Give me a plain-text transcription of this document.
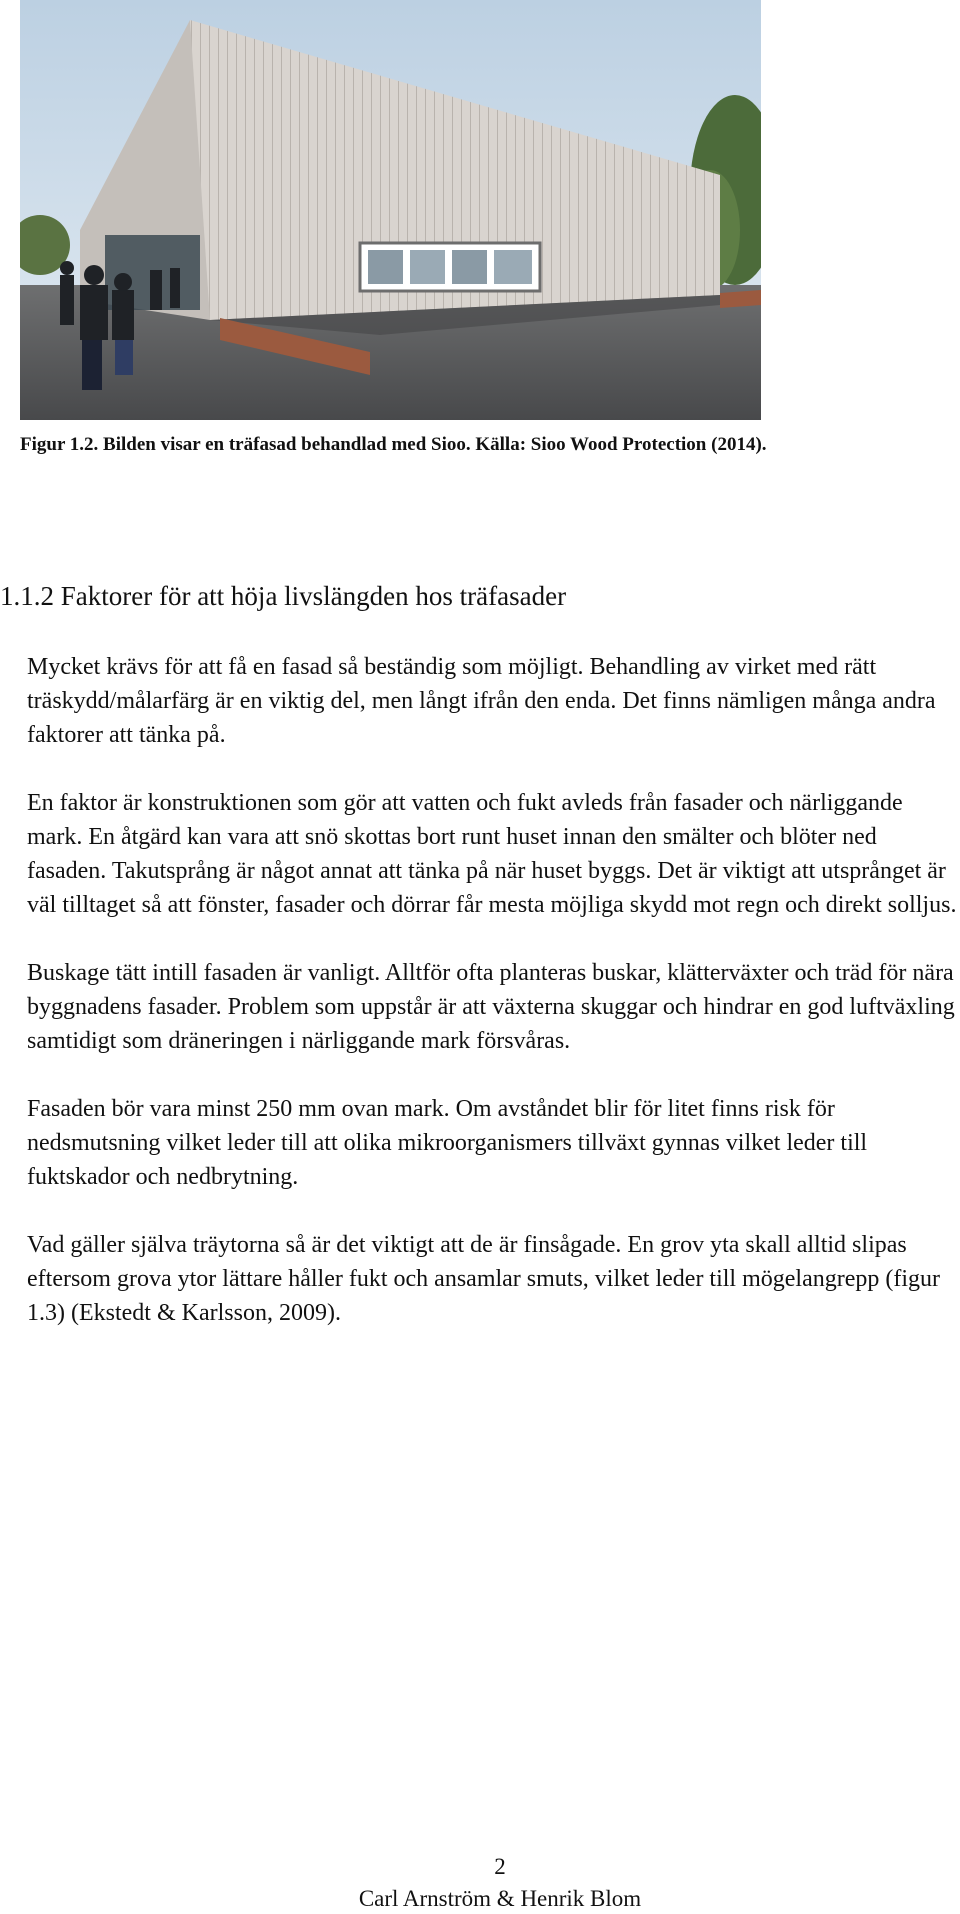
Figur 1.2. Bilden visar en träfasad behandlad med Sioo. Källa: Sioo Wood Protection (2014).
1.1.2 Faktorer för att höja livslängden hos träfasader

Mycket krävs för att få en fasad så beständig som möjligt. Behandling av virket med rätt träskydd/målarfärg är en viktig del, men långt ifrån den enda. Det finns nämligen många andra faktorer att tänka på.

En faktor är konstruktionen som gör att vatten och fukt avleds från fasader och närliggande mark. En åtgärd kan vara att snö skottas bort runt huset innan den smälter och blöter ned fasaden. Takutsprång är något annat att tänka på när huset byggs. Det är viktigt att utsprånget är väl tilltaget så att fönster, fasader och dörrar får mesta möjliga skydd mot regn och direkt solljus.

Buskage tätt intill fasaden är vanligt. Alltför ofta planteras buskar, klätterväxter och träd för nära byggnadens fasader. Problem som uppstår är att växterna skuggar och hindrar en god luftväxling samtidigt som dräneringen i närliggande mark försvåras.

Fasaden bör vara minst 250 mm ovan mark. Om avståndet blir för litet finns risk för nedsmutsning vilket leder till att olika mikroorganismers tillväxt gynnas vilket leder till fuktskador och nedbrytning.

Vad gäller själva träytorna så är det viktigt att de är finsågade. En grov yta skall alltid slipas eftersom grova ytor lättare håller fukt och ansamlar smuts, vilket leder till mögelangrepp (figur 1.3) (Ekstedt & Karlsson, 2009).

2
Carl Arnström & Henrik Blom
